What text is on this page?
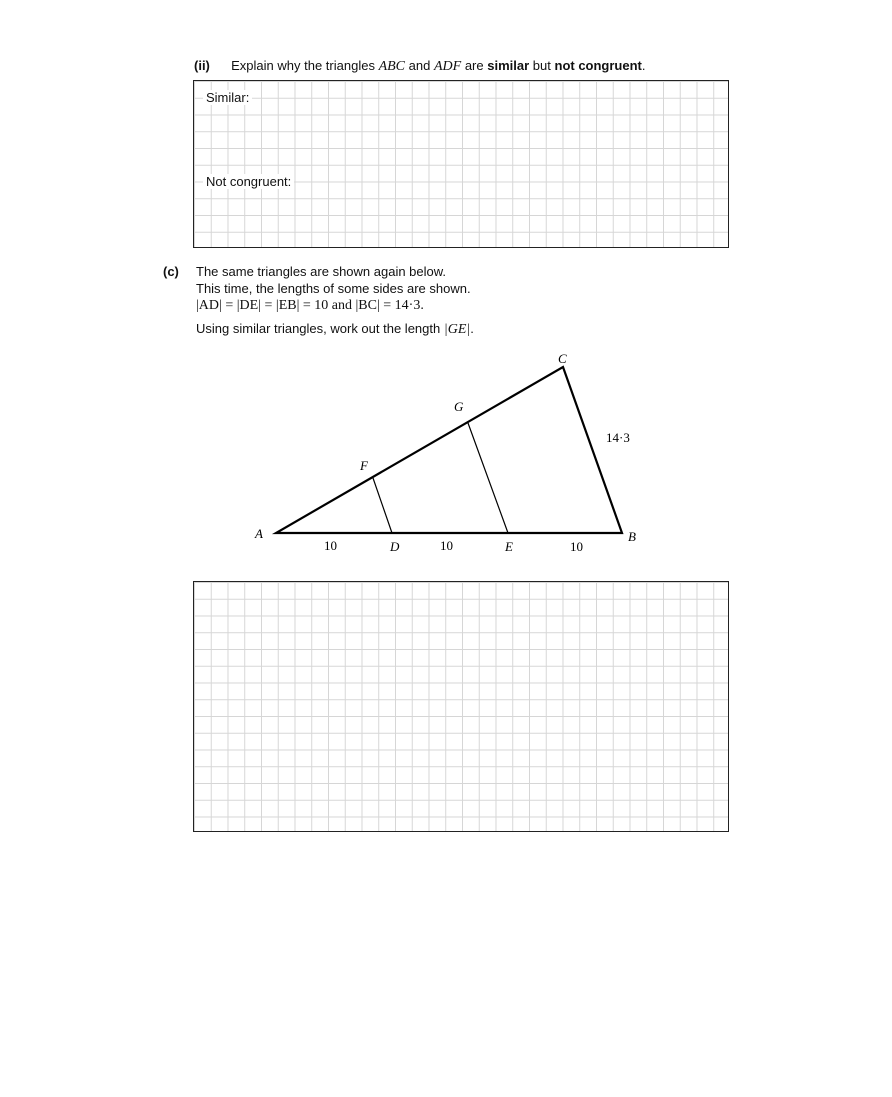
(ii) Explain why the triangles ABC and ADF are similar but not congruent.
Similar:
Not congruent:
(c) The same triangles are shown again below.
This time, the lengths of some sides are shown.
|AD| = |DE| = |EB| = 10 and |BC| = 14·3.
Using similar triangles, work out the length |GE|.
A	B
C
D	E
F
G
10	10	10
14·3
